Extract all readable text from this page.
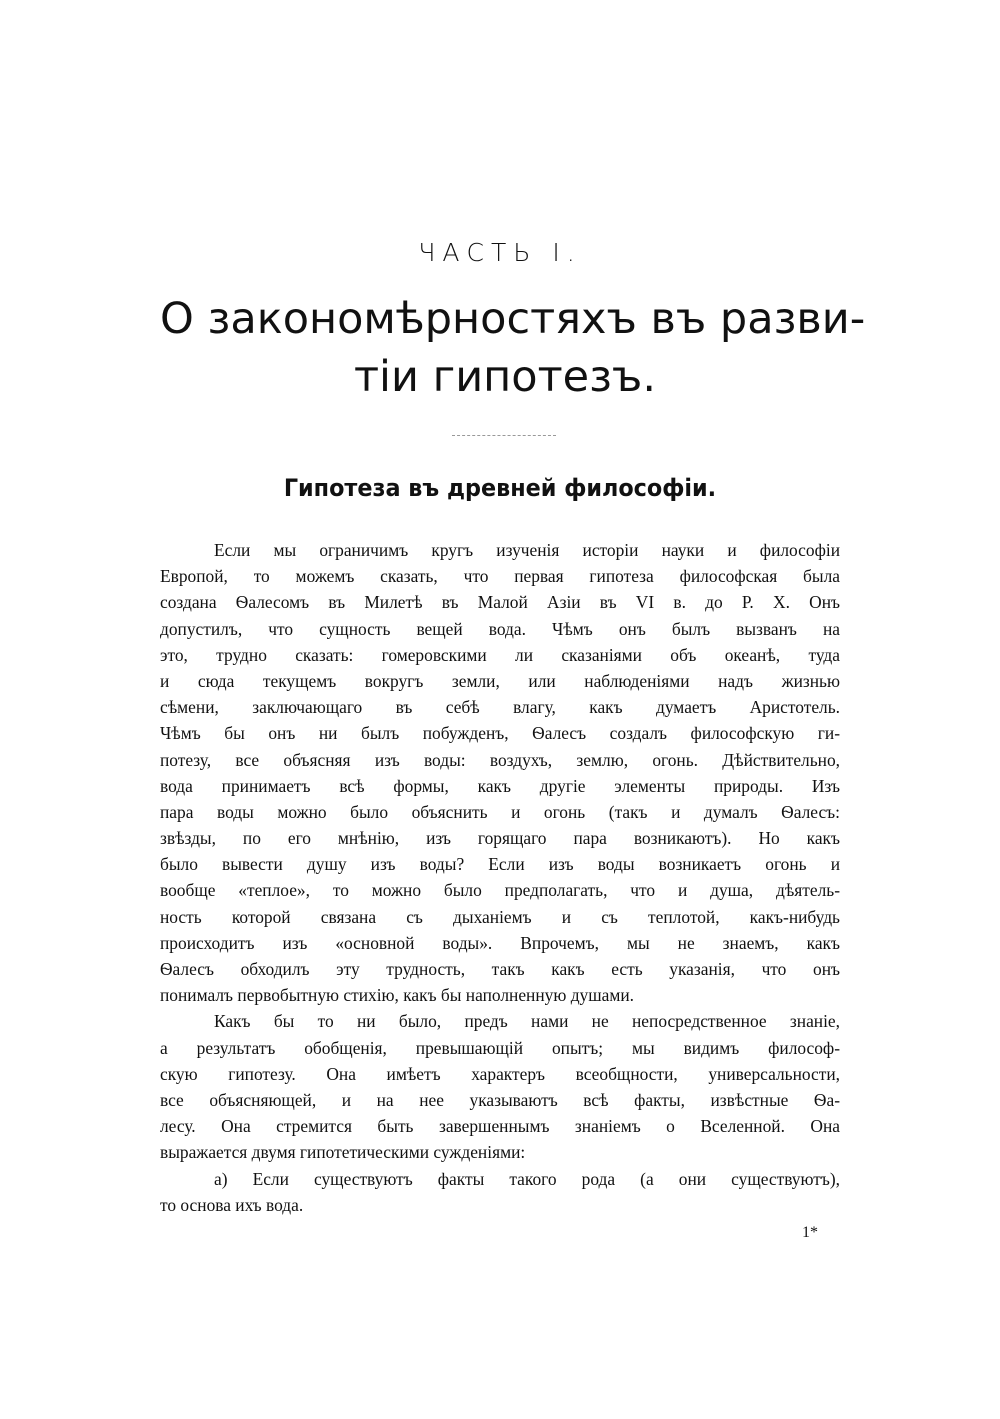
ЧАСТЬ I.
О закономѣрностяхъ въ разви-
тіи гипотезъ.
Гипотеза въ древней философіи.
Если мы ограничимъ кругъ изученія исторіи науки и философіи
Европой, то можемъ сказать, что первая гипотеза философская была
создана Ѳалесомъ въ Милетѣ въ Малой Азіи въ VI в. до Р. Х. Онъ
допустилъ, что сущность вещей вода. Чѣмъ онъ былъ вызванъ на
это, трудно сказать: гомеровскими ли сказаніями объ океанѣ, туда
и сюда текущемъ вокругъ земли, или наблюденіями надъ жизнью
сѣмени, заключающаго въ себѣ влагу, какъ думаетъ Аристотель.
Чѣмъ бы онъ ни былъ побужденъ, Ѳалесъ создалъ философскую ги-
потезу, все объясняя изъ воды: воздухъ, землю, огонь. Дѣйствительно,
вода принимаетъ всѣ формы, какъ другіе элементы природы. Изъ
пара воды можно было объяснить и огонь (такъ и думалъ Ѳалесъ:
звѣзды, по его мнѣнію, изъ горящаго пара возникаютъ). Но какъ
было вывести душу изъ воды? Если изъ воды возникаетъ огонь и
вообще «теплое», то можно было предполагать, что и душа, дѣятель-
ность которой связана съ дыханіемъ и съ теплотой, какъ-нибудь
происходитъ изъ «основной воды». Впрочемъ, мы не знаемъ, какъ
Ѳалесъ обходилъ эту трудность, такъ какъ есть указанія, что онъ
понималъ первобытную стихію, какъ бы наполненную душами.
Какъ бы то ни было, предъ нами не непосредственное знаніе,
а результатъ обобщенія, превышающій опытъ; мы видимъ философ-
скую гипотезу. Она имѣетъ характеръ всеобщности, универсальности,
все объясняющей, и на нее указываютъ всѣ факты, извѣстные Ѳа-
лесу. Она стремится быть завершеннымъ знаніемъ о Вселенной. Она
выражается двумя гипотетическими сужденіями:
а) Если существуютъ факты такого рода (а они существуютъ),
то основа ихъ вода.
1*
